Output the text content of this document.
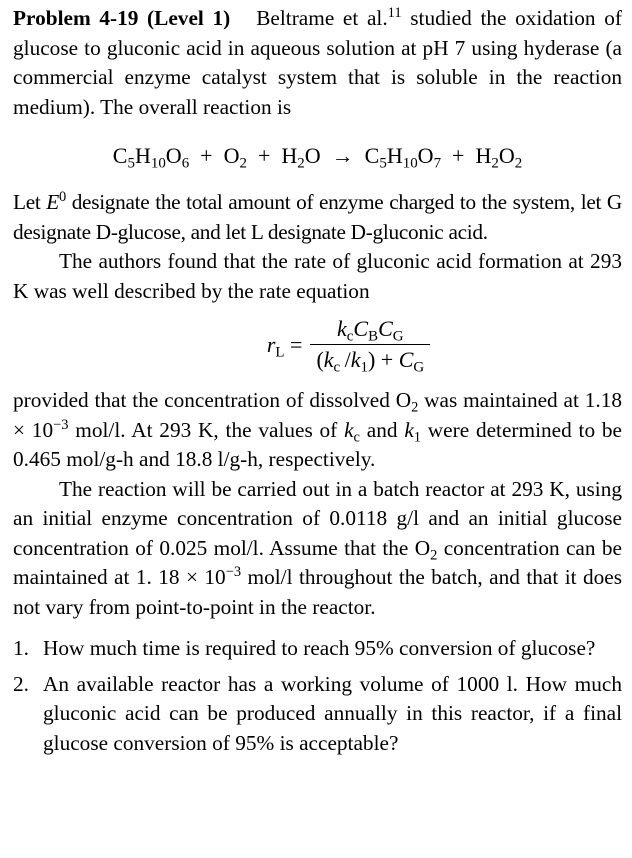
Problem 4-19 (Level 1) Beltrame et al.$^{11}$ studied the oxidation of glucose to gluconic acid in aqueous solution at pH 7 using hyderase (a commercial enzyme catalyst system that is soluble in the reaction medium). The overall reaction is

$C_5H_{10}O_6 + O_2 + H_2O \to C_5H_{10}O_7 + H_2O_2$

Let $E^0$ designate the total amount of enzyme charged to the system, let G designate D-glucose, and let L designate D-gluconic acid.

The authors found that the rate of gluconic acid formation at 293 K was well described by the rate equation

$r_L = \frac{k_cC_BC_G}{(k_c /k_1) + C_G}$

provided that the concentration of dissolved $O_2$ was maintained at $1.18 \times 10^{-3}$ mol/l. At 293 K, the values of $k_c$ and $k_1$ were determined to be 0.465 mol/g-h and 18.8 l/g-h, respectively.

The reaction will be carried out in a batch reactor at 293 K, using an initial enzyme concentration of 0.0118 g/l and an initial glucose concentration of 0.025 mol/l. Assume that the $O_2$ concentration can be maintained at 1. $18 \times 10^{-3}$ mol/l throughout the batch, and that it does not vary from point-to-point in the reactor.

1. How much time is required to reach 95% conversion of glucose?
2. An available reactor has a working volume of 1000 l. How much gluconic acid can be produced annually in this reactor, if a final glucose conversion of 95% is acceptable?
